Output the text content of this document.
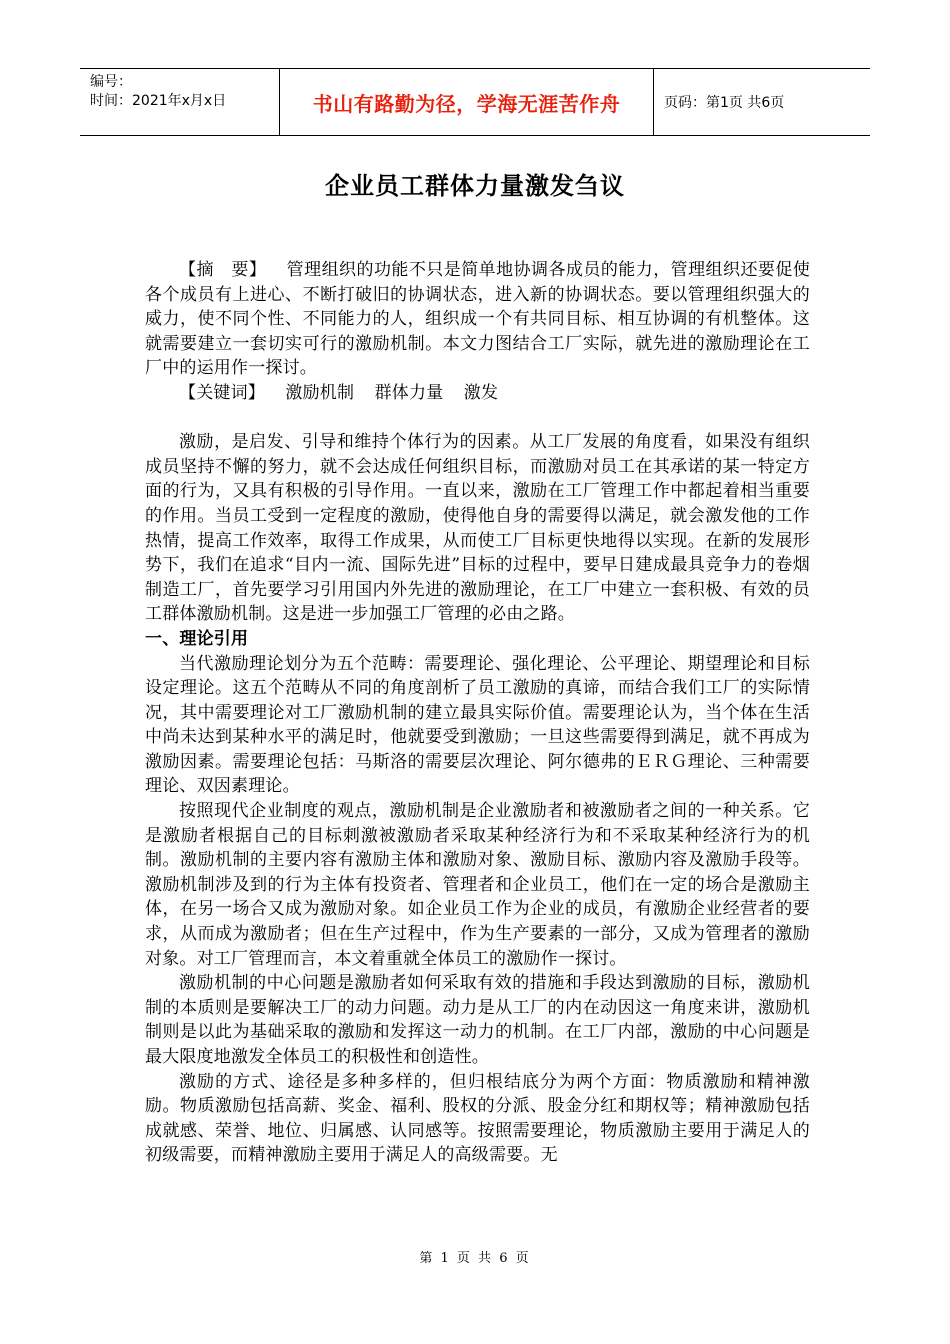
编号：
时间：2021年x月x日	书山有路勤为径，学海无涯苦作舟	页码：第1页 共6页
企业员工群体力量激发刍议

【摘　要】 管理组织的功能不只是简单地协调各成员的能力，管理组织还要促使各个成员有上进心、不断打破旧的协调状态，进入新的协调状态。要以管理组织强大的威力，使不同个性、不同能力的人，组织成一个有共同目标、相互协调的有机整体。这就需要建立一套切实可行的激励机制。本文力图结合工厂实际，就先进的激励理论在工厂中的运用作一探讨。

【关键词】 激励机制 群体力量 激发

激励，是启发、引导和维持个体行为的因素。从工厂发展的角度看，如果没有组织成员坚持不懈的努力，就不会达成任何组织目标，而激励对员工在其承诺的某一特定方面的行为，又具有积极的引导作用。一直以来，激励在工厂管理工作中都起着相当重要的作用。当员工受到一定程度的激励，使得他自身的需要得以满足，就会激发他的工作热情，提高工作效率，取得工作成果，从而使工厂目标更快地得以实现。在新的发展形势下，我们在追求“目内一流、国际先进”目标的过程中，要早日建成最具竞争力的卷烟制造工厂，首先要学习引用国内外先进的激励理论，在工厂中建立一套积极、有效的员工群体激励机制。这是进一步加强工厂管理的必由之路。

一、理论引用

当代激励理论划分为五个范畴：需要理论、强化理论、公平理论、期望理论和目标设定理论。这五个范畴从不同的角度剖析了员工激励的真谛，而结合我们工厂的实际情况，其中需要理论对工厂激励机制的建立最具实际价值。需要理论认为，当个体在生活中尚未达到某种水平的满足时，他就要受到激励；一旦这些需要得到满足，就不再成为激励因素。需要理论包括：马斯洛的需要层次理论、阿尔德弗的ＥＲＧ理论、三种需要理论、双因素理论。

按照现代企业制度的观点，激励机制是企业激励者和被激励者之间的一种关系。它是激励者根据自己的目标刺激被激励者采取某种经济行为和不采取某种经济行为的机制。激励机制的主要内容有激励主体和激励对象、激励目标、激励内容及激励手段等。激励机制涉及到的行为主体有投资者、管理者和企业员工，他们在一定的场合是激励主体，在另一场合又成为激励对象。如企业员工作为企业的成员，有激励企业经营者的要求，从而成为激励者；但在生产过程中，作为生产要素的一部分，又成为管理者的激励对象。对工厂管理而言，本文着重就全体员工的激励作一探讨。

激励机制的中心问题是激励者如何采取有效的措施和手段达到激励的目标，激励机制的本质则是要解决工厂的动力问题。动力是从工厂的内在动因这一角度来讲，激励机制则是以此为基础采取的激励和发挥这一动力的机制。在工厂内部，激励的中心问题是最大限度地激发全体员工的积极性和创造性。

激励的方式、途径是多种多样的，但归根结底分为两个方面：物质激励和精神激励。物质激励包括高薪、奖金、福利、股权的分派、股金分红和期权等；精神激励包括成就感、荣誉、地位、归属感、认同感等。按照需要理论，物质激励主要用于满足人的初级需要，而精神激励主要用于满足人的高级需要。无

第 1 页 共 6 页
